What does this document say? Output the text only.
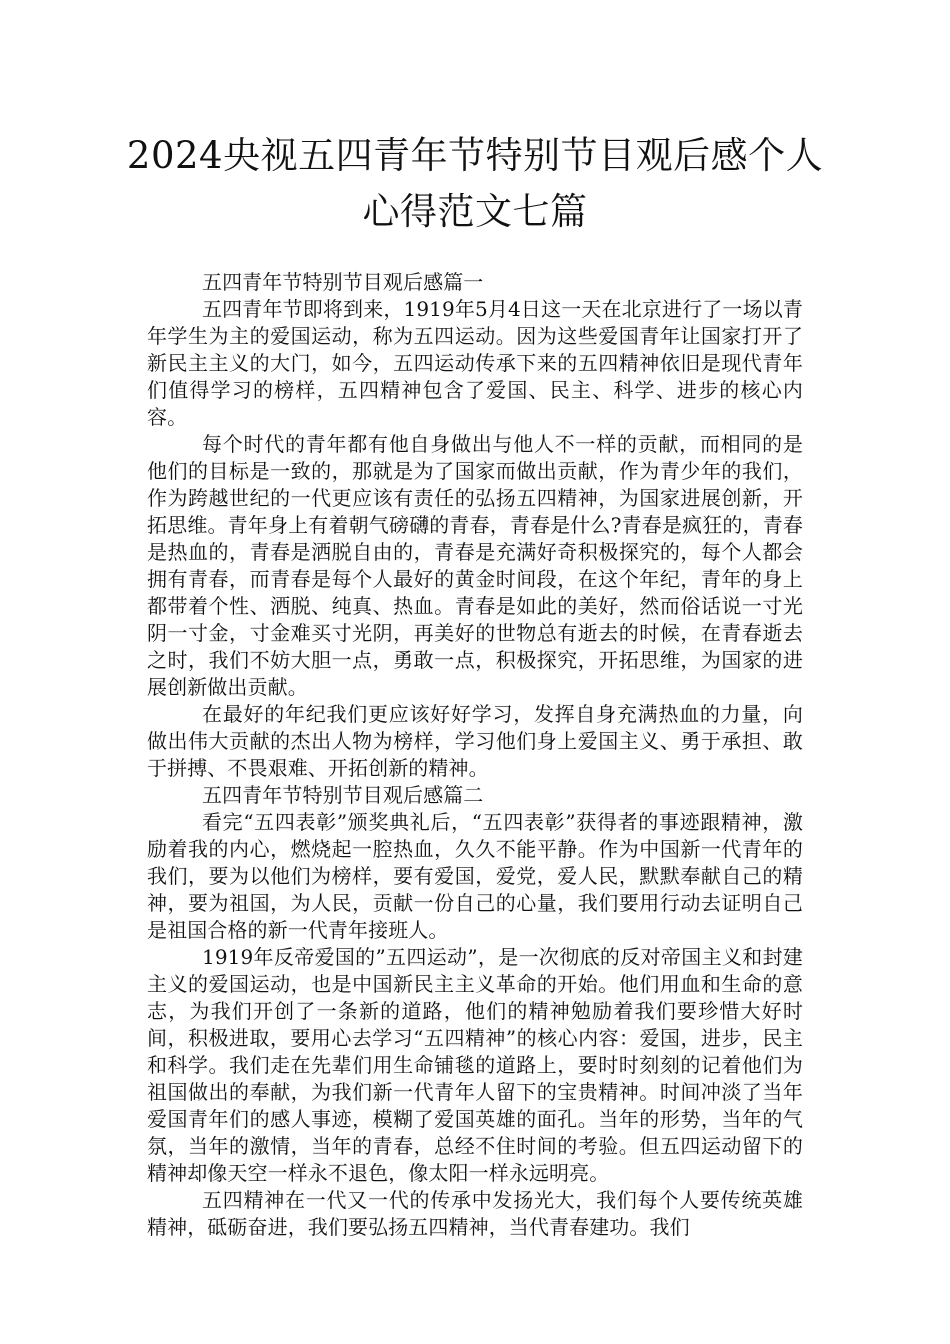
2024央视五四青年节特别节目观后感个人心得范文七篇

五四青年节特别节目观后感篇一

五四青年节即将到来，1919年5月4日这一天在北京进行了一场以青年学生为主的爱国运动，称为五四运动。因为这些爱国青年让国家打开了新民主主义的大门，如今，五四运动传承下来的五四精神依旧是现代青年们值得学习的榜样，五四精神包含了爱国、民主、科学、进步的核心内容。

每个时代的青年都有他自身做出与他人不一样的贡献，而相同的是他们的目标是一致的，那就是为了国家而做出贡献，作为青少年的我们，作为跨越世纪的一代更应该有责任的弘扬五四精神，为国家进展创新，开拓思维。青年身上有着朝气磅礴的青春，青春是什么?青春是疯狂的，青春是热血的，青春是洒脱自由的，青春是充满好奇积极探究的，每个人都会拥有青春，而青春是每个人最好的黄金时间段，在这个年纪，青年的身上都带着个性、洒脱、纯真、热血。青春是如此的美好，然而俗话说一寸光阴一寸金，寸金难买寸光阴，再美好的世物总有逝去的时候，在青春逝去之时，我们不妨大胆一点，勇敢一点，积极探究，开拓思维，为国家的进展创新做出贡献。

在最好的年纪我们更应该好好学习，发挥自身充满热血的力量，向做出伟大贡献的杰出人物为榜样，学习他们身上爱国主义、勇于承担、敢于拼搏、不畏艰难、开拓创新的精神。

五四青年节特别节目观后感篇二

看完“五四表彰”颁奖典礼后，“五四表彰”获得者的事迹跟精神，激励着我的内心，燃烧起一腔热血，久久不能平静。作为中国新一代青年的我们，要为以他们为榜样，要有爱国，爱党，爱人民，默默奉献自己的精神，要为祖国，为人民，贡献一份自己的心量，我们要用行动去证明自己是祖国合格的新一代青年接班人。

1919年反帝爱国的”五四运动”，是一次彻底的反对帝国主义和封建主义的爱国运动，也是中国新民主主义革命的开始。他们用血和生命的意志，为我们开创了一条新的道路，他们的精神勉励着我们要珍惜大好时间，积极进取，要用心去学习“五四精神”的核心内容：爱国，进步，民主和科学。我们走在先辈们用生命铺毯的道路上，要时时刻刻的记着他们为祖国做出的奉献，为我们新一代青年人留下的宝贵精神。时间冲淡了当年爱国青年们的感人事迹，模糊了爱国英雄的面孔。当年的形势，当年的气氛，当年的激情，当年的青春，总经不住时间的考验。但五四运动留下的精神却像天空一样永不退色，像太阳一样永远明亮。

五四精神在一代又一代的传承中发扬光大，我们每个人要传统英雄精神，砥砺奋进，我们要弘扬五四精神，当代青春建功。我们
